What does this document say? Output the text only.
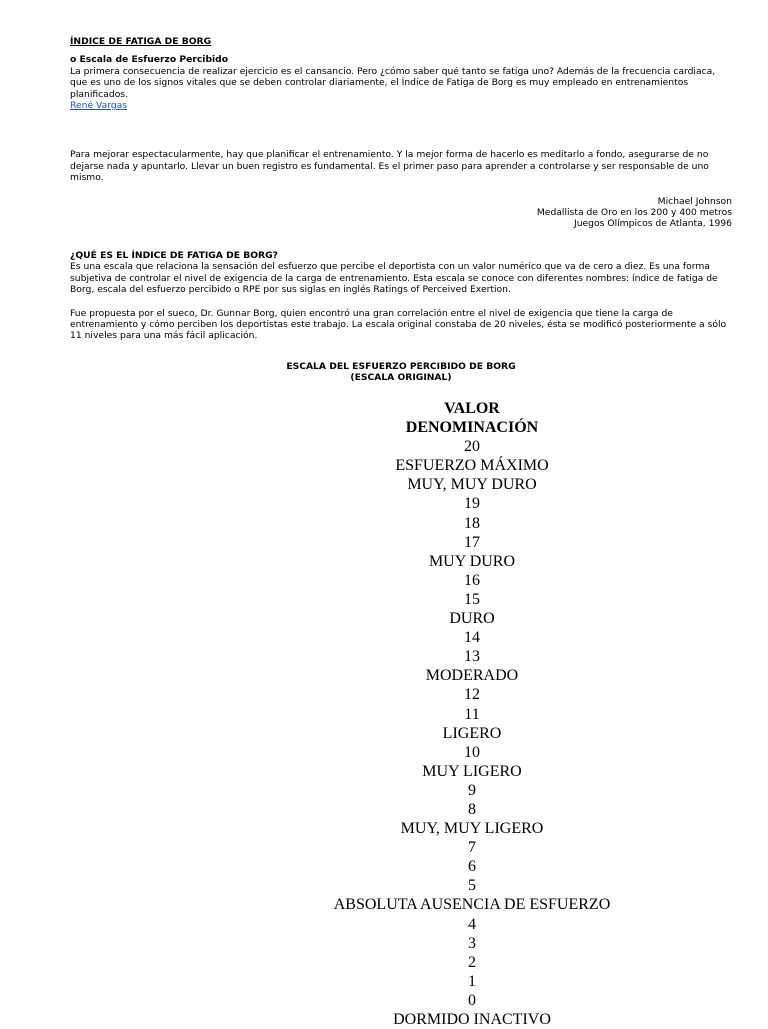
ÍNDICE DE FATIGA DE BORG

o Escala de Esfuerzo Percibido

La primera consecuencia de realizar ejercicio es el cansancio. Pero ¿cómo saber qué tanto se fatiga uno? Además de la frecuencia cardiaca, que es uno de los signos vitales que se deben controlar diariamente, el Índice de Fatiga de Borg es muy empleado en entrenamientos planificados.

René Vargas

Para mejorar espectacularmente, hay que planificar el entrenamiento. Y la mejor forma de hacerlo es meditarlo a fondo, asegurarse de no dejarse nada y apuntarlo. Llevar un buen registro es fundamental. Es el primer paso para aprender a controlarse y ser responsable de uno mismo.

Michael Johnson
Medallista de Oro en los 200 y 400 metros
Juegos Olímpicos de Atlanta, 1996

¿QUÉ ES EL ÍNDICE DE FATIGA DE BORG?

Es una escala que relaciona la sensación del esfuerzo que percibe el deportista con un valor numérico que va de cero a diez. Es una forma subjetiva de controlar el nivel de exigencia de la carga de entrenamiento. Esta escala se conoce con diferentes nombres: índice de fatiga de Borg, escala del esfuerzo percibido o RPE por sus siglas en inglés Ratings of Perceived Exertion.

Fue propuesta por el sueco, Dr. Gunnar Borg, quien encontró una gran correlación entre el nivel de exigencia que tiene la carga de entrenamiento y cómo perciben los deportistas este trabajo. La escala original constaba de 20 niveles, ésta se modificó posteriormente a sólo 11 niveles para una más fácil aplicación.

ESCALA DEL ESFUERZO PERCIBIDO DE BORG
(ESCALA ORIGINAL)
VALOR
DENOMINACIÓN
20
ESFUERZO MÁXIMO
MUY, MUY DURO
19
18
17
MUY DURO
16
15
DURO
14
13
MODERADO
12
11
LIGERO
10
MUY LIGERO
9
8
MUY, MUY LIGERO
7
6
5
ABSOLUTA AUSENCIA DE ESFUERZO
4
3
2
1
0
DORMIDO INACTIVO
